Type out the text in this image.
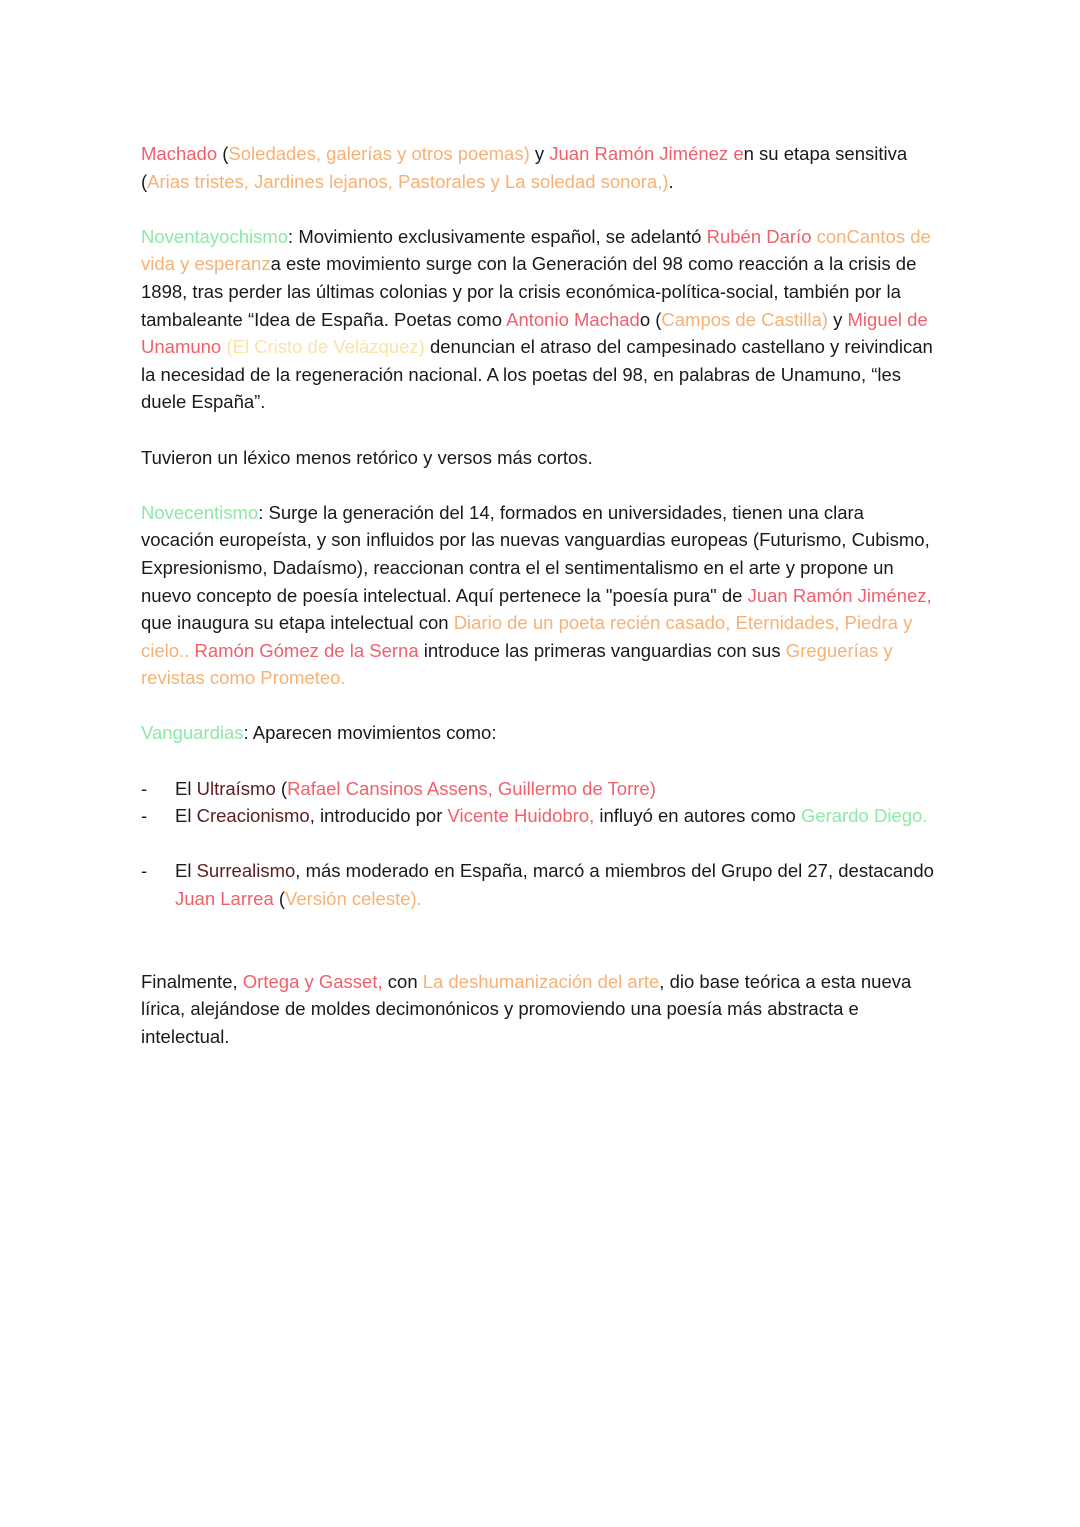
Machado (Soledades, galerías y otros poemas) y Juan Ramón Jiménez en su etapa sensitiva (Arias tristes, Jardines lejanos, Pastorales y La soledad sonora,).

Noventayochismo: Movimiento exclusivamente español, se adelantó Rubén Darío conCantos de vida y esperanza este movimiento surge con la Generación del 98 como reacción a la crisis de 1898, tras perder las últimas colonias y por la crisis económica-política-social, también por la tambaleante “Idea de España. Poetas como Antonio Machado (Campos de Castilla) y Miguel de Unamuno (El Cristo de Velázquez) denuncian el atraso del campesinado castellano y reivindican la necesidad de la regeneración nacional. A los poetas del 98, en palabras de Unamuno, “les duele España”.

Tuvieron un léxico menos retórico y versos más cortos.

Novecentismo: Surge la generación del 14, formados en universidades, tienen una clara vocación europeísta, y son influidos por las nuevas vanguardias europeas (Futurismo, Cubismo, Expresionismo, Dadaísmo), reaccionan contra el el sentimentalismo en el arte y propone un nuevo concepto de poesía intelectual. Aquí pertenece la "poesía pura" de Juan Ramón Jiménez, que inaugura su etapa intelectual con Diario de un poeta recién casado, Eternidades, Piedra y cielo.. Ramón Gómez de la Serna introduce las primeras vanguardias con sus Greguerías y revistas como Prometeo.

Vanguardias: Aparecen movimientos como:

- El Ultraísmo (Rafael Cansinos Assens, Guillermo de Torre)
- El Creacionismo, introducido por Vicente Huidobro, influyó en autores como Gerardo Diego.
- El Surrealismo, más moderado en España, marcó a miembros del Grupo del 27, destacando Juan Larrea (Versión celeste).

Finalmente, Ortega y Gasset, con La deshumanización del arte, dio base teórica a esta nueva lírica, alejándose de moldes decimonónicos y promoviendo una poesía más abstracta e intelectual.
